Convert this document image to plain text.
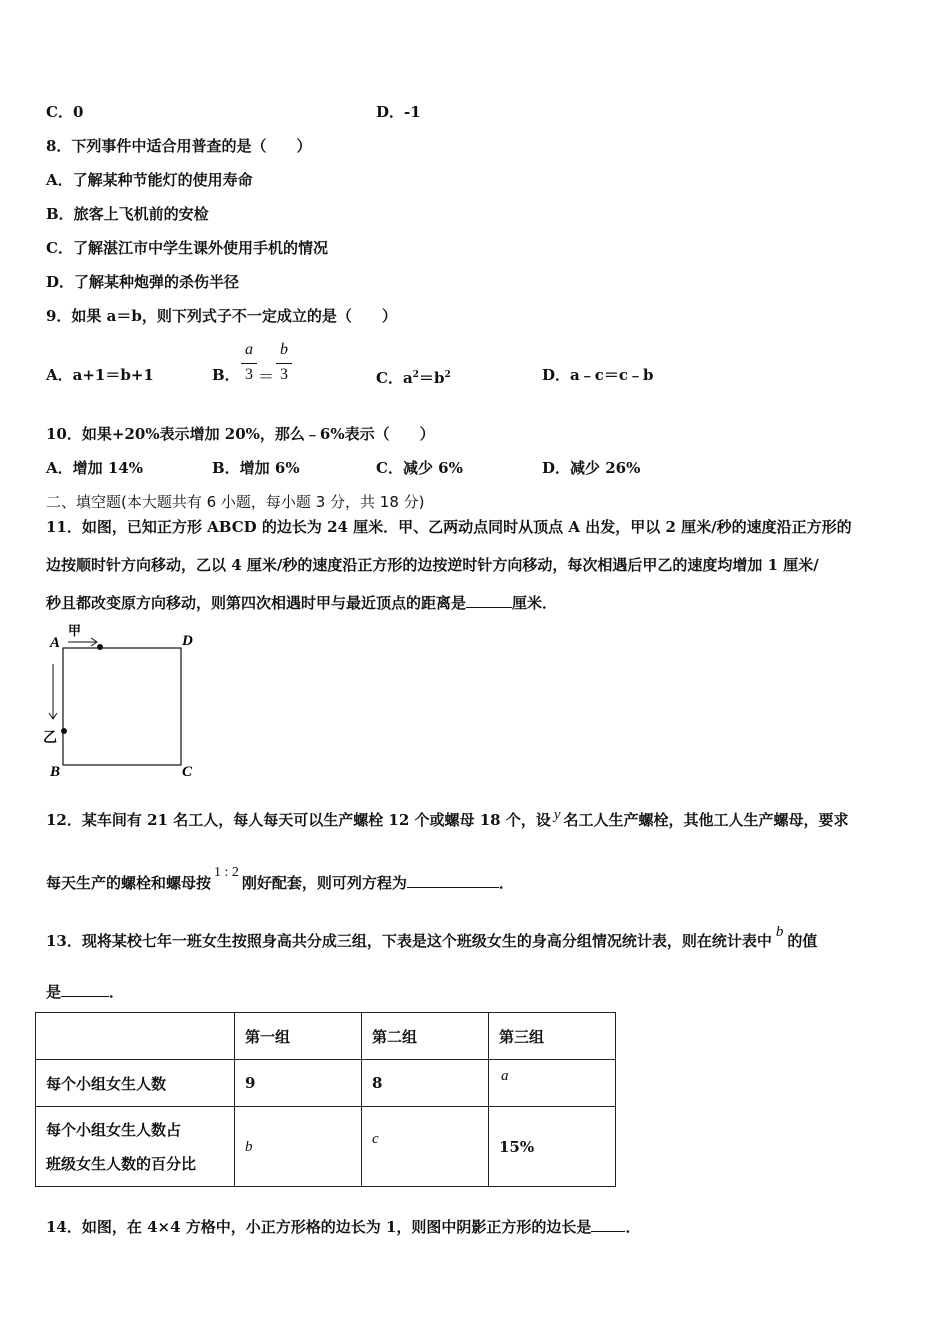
C．0	D．-1
8．下列事件中适合用普查的是（　　）
A．了解某种节能灯的使用寿命
B．旅客上飞机前的安检
C．了解湛江市中学生课外使用手机的情况
D．了解某种炮弹的杀伤半径
9．如果 a＝b，则下列式子不一定成立的是（　　）
A．a+1＝b+1	B．
a
3 ＝
b
3	C．$a^2=b^2$	D．a﹣c＝c﹣b
10．如果+20%表示增加 20%，那么﹣6%表示（　　）
A．增加 14%	B．增加 6%	C．减少 6%	D．减少 26%
二、填空题(本大题共有 6 小题，每小题 3 分，共 18 分)
11．如图，已知正方形 ABCD 的边长为 24 厘米．甲、乙两动点同时从顶点 A 出发，甲以 2 厘米/秒的速度沿正方形的
边按顺时针方向移动，乙以 4 厘米/秒的速度沿正方形的边按逆时针方向移动，每次相遇后甲乙的速度均增加 1 厘米/
秒且都改变原方向移动，则第四次相遇时甲与最近顶点的距离是	厘米．
A	D
B	C
甲
乙
12．某车间有 21 名工人，每人每天可以生产螺栓 12 个或螺母 18 个，设 y 名工人生产螺栓，其他工人生产螺母，要求
每天生产的螺栓和螺母按1 : 2刚好配套，则可列方程为	．
13．现将某校七年一班女生按照身高共分成三组，下表是这个班级女生的身高分组情况统计表，则在统计表中 b 的值
是	．
	第一组	第二组	第三组
每个小组女生人数	9	8	a

每个小组女生人数占
班级女生人数的百分比	b	c	15%
14．如图，在 4×4 方格中，小正方形格的边长为 1，则图中阴影正方形的边长是 ．
